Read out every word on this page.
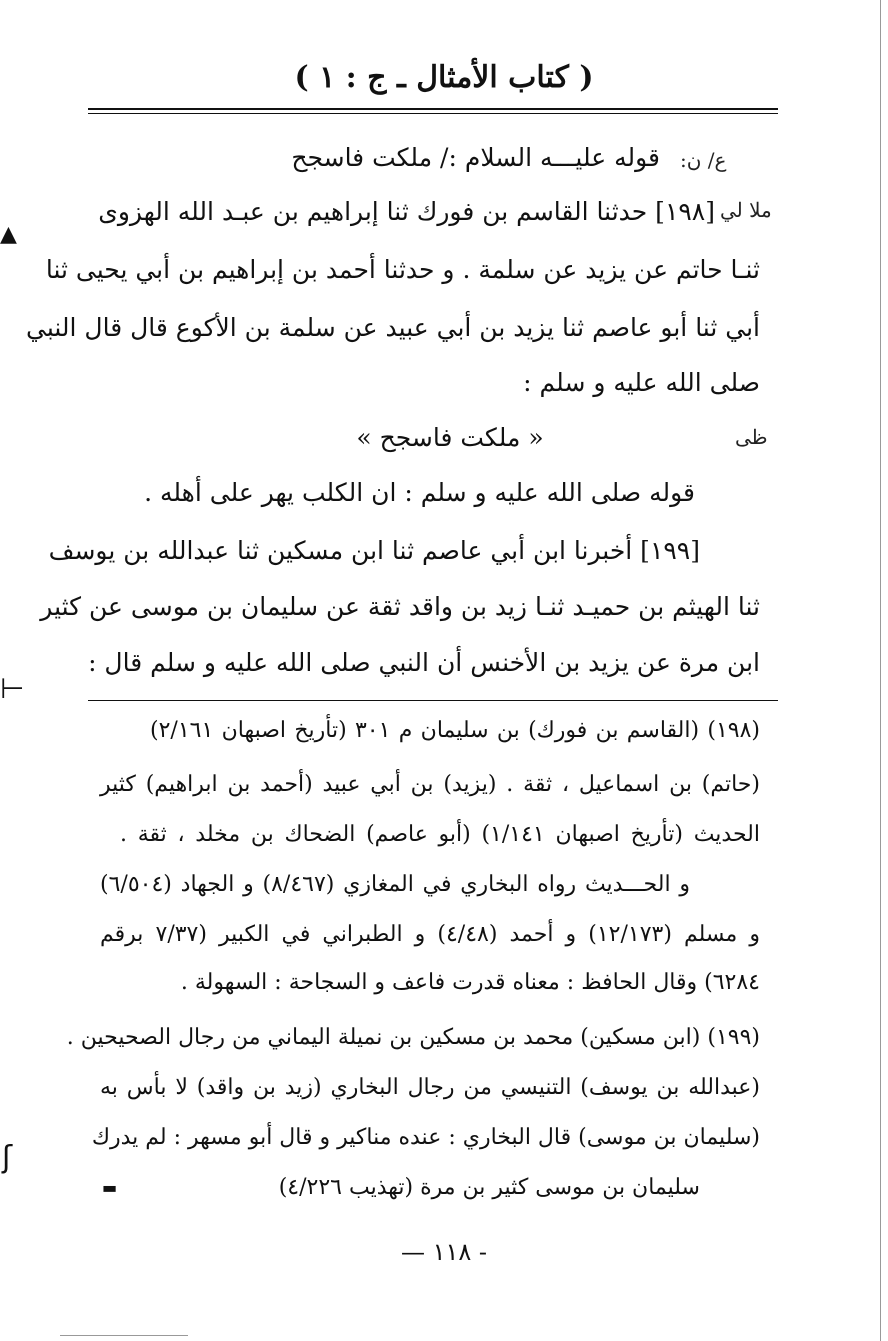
( كتاب الأمثال ـ ج : ١ )
ع/ ن:
ملا لي
ظى
قوله عليـــه السلام :/ ملكت فاسجح
[١٩٨] حدثنا القاسم بن فورك ثنا إبراهيم بن عبـد الله الهزوى
ثنـا حاتم عن يزيد عن سلمة . و حدثنا أحمد بن إبراهيم بن أبي يحيى ثنا
أبي ثنا أبو عاصم ثنا يزيد بن أبي عبيد عن سلمة بن الأكوع قال قال النبي
صلى الله عليه و سلم :
« ملكت فاسجح »
قوله صلى الله عليه و سلم : ان الكلب يهر على أهله .
[١٩٩] أخبرنا ابن أبي عاصم ثنا ابن مسكين ثنا عبدالله بن يوسف
ثنا الهيثم بن حميـد ثنـا زيد بن واقد ثقة عن سليمان بن موسى عن كثير
ابن مرة عن يزيد بن الأخنس أن النبي صلى الله عليه و سلم قال :
(١٩٨) (القاسم بن فورك) بن سليمان م ٣٠١ (تأريخ اصبهان ٢/١٦١)
(حاتم) بن اسماعيل ، ثقة . (يزيد) بن أبي عبيد (أحمد بن ابراهيم) كثير
الحديث (تأريخ اصبهان ١/١٤١) (أبو عاصم) الضحاك بن مخلد ، ثقة .
و الحـــديث رواه البخاري في المغازي (٨/٤٦٧) و الجهاد (٦/٥٠٤)
و مسلم (١٢/١٧٣) و أحمد (٤/٤٨) و الطبراني في الكبير (٧/٣٧ برقم
٦٢٨٤) وقال الحافظ : معناه قدرت فاعف و السجاحة : السهولة .
(١٩٩) (ابن مسكين) محمد بن مسكين بن نميلة اليماني من رجال الصحيحين .
(عبدالله بن يوسف) التنيسي من رجال البخاري (زيد بن واقد) لا بأس به
(سليمان بن موسى) قال البخاري : عنده مناكير و قال أبو مسهر : لم يدرك
سليمان بن موسى كثير بن مرة (تهذيب ٤/٢٢٦)
— ١١٨ -
▲
⊢
ʃ
▬
